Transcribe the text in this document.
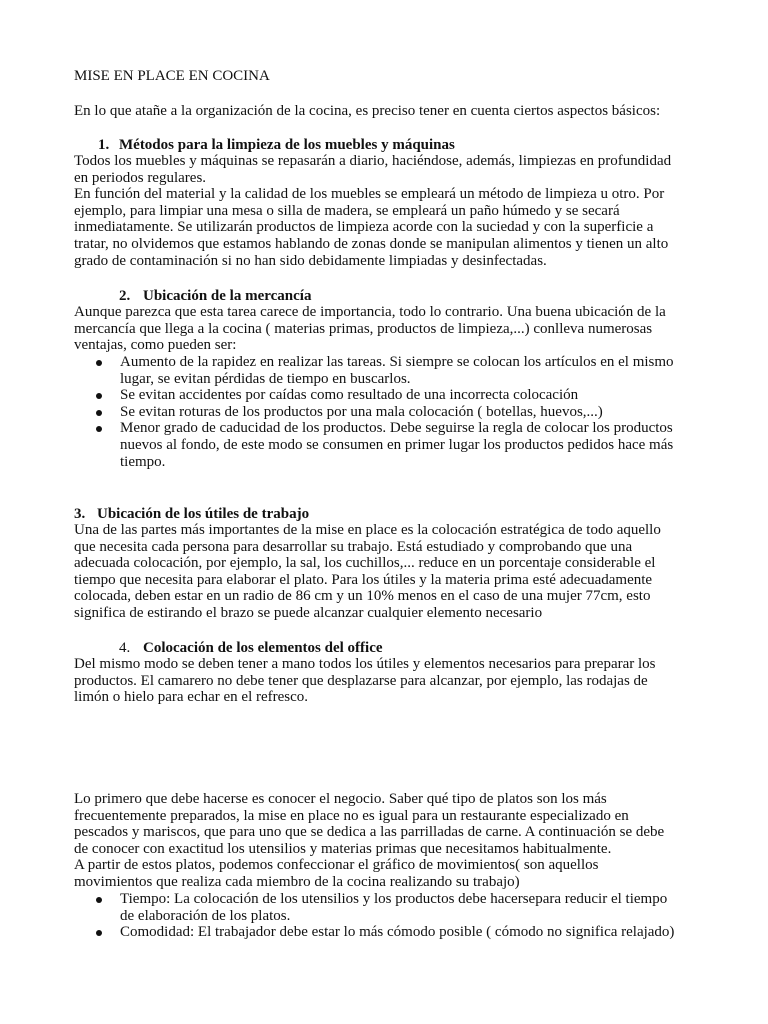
MISE EN PLACE EN COCINA
En lo que atañe a la organización de la cocina, es preciso tener en cuenta ciertos aspectos básicos:
1. Métodos para la limpieza de los muebles y máquinas
Todos los muebles y máquinas se repasarán a diario, haciéndose, además, limpiezas en profundidad
en periodos regulares.
En función del material y la calidad de los muebles se empleará un método de limpieza u otro. Por
ejemplo, para limpiar una mesa o silla de madera, se empleará un paño húmedo y se secará
inmediatamente. Se utilizarán productos de limpieza acorde con la suciedad y con la superficie a
tratar, no olvidemos que estamos hablando de zonas donde se manipulan alimentos y tienen un alto
grado de contaminación si no han sido debidamente limpiadas y desinfectadas.
2. Ubicación de la mercancía
Aunque parezca que esta tarea carece de importancia, todo lo contrario. Una buena ubicación de la
mercancía que llega a la cocina ( materias primas, productos de limpieza,...) conlleva numerosas
ventajas, como pueden ser:
Aumento de la rapidez en realizar las tareas. Si siempre se colocan los artículos en el mismo
lugar, se evitan pérdidas de tiempo en buscarlos.
Se evitan accidentes por caídas como resultado de una incorrecta colocación
Se evitan roturas de los productos por una mala colocación ( botellas, huevos,...)
Menor grado de caducidad de los productos. Debe seguirse la regla de colocar los productos
nuevos al fondo, de este modo se consumen en primer lugar los productos pedidos hace más
tiempo.
3. Ubicación de los útiles de trabajo
Una de las partes más importantes de la mise en place es la colocación estratégica de todo aquello
que necesita cada persona para desarrollar su trabajo. Está estudiado y comprobando que una
adecuada colocación, por ejemplo, la sal, los cuchillos,... reduce en un porcentaje considerable el
tiempo que necesita para elaborar el plato. Para los útiles y la materia prima esté adecuadamente
colocada, deben estar en un radio de 86 cm y un 10% menos en el caso de una mujer 77cm, esto
significa de estirando el brazo se puede alcanzar cualquier elemento necesario
4. Colocación de los elementos del office
Del mismo modo se deben tener a mano todos los útiles y elementos necesarios para preparar los
productos. El camarero no debe tener que desplazarse para alcanzar, por ejemplo, las rodajas de
limón o hielo para echar en el refresco.
Lo primero que debe hacerse es conocer el negocio. Saber qué tipo de platos son los más
frecuentemente preparados, la mise en place no es igual para un restaurante especializado en
pescados y mariscos, que para uno que se dedica a las parrilladas de carne. A continuación se debe
de conocer con exactitud los utensilios y materias primas que necesitamos habitualmente.
A partir de estos platos, podemos confeccionar el gráfico de movimientos( son aquellos
movimientos que realiza cada miembro de la cocina realizando su trabajo)
Tiempo: La colocación de los utensilios y los productos debe hacersepara reducir el tiempo
de elaboración de los platos.
Comodidad: El trabajador debe estar lo más cómodo posible ( cómodo no significa relajado)
